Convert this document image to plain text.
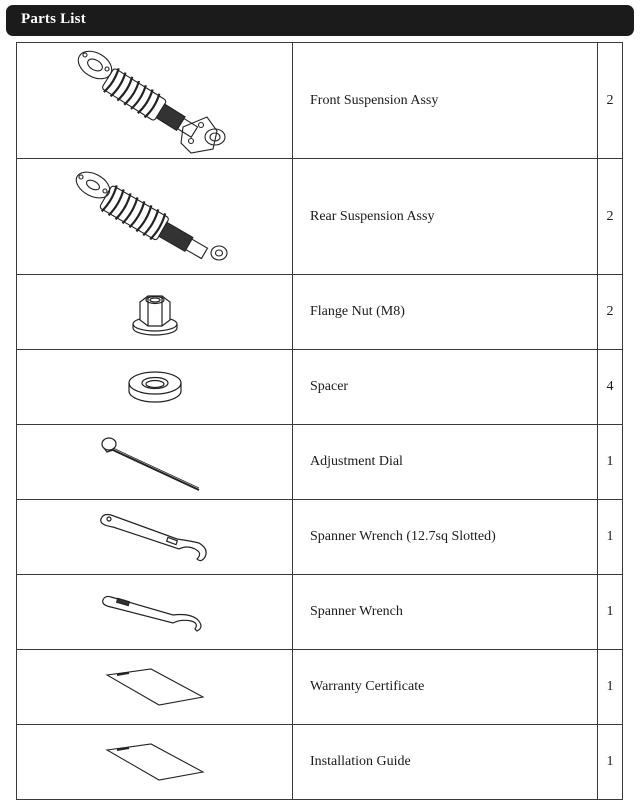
Parts List
	Front Suspension Assy	2

	Rear Suspension Assy	2

	Flange Nut (M8)	2

	Spacer	4

	Adjustment Dial	1

	Spanner Wrench (12.7sq Slotted)	1

	Spanner Wrench	1

	Warranty Certificate	1

	Installation Guide	1
